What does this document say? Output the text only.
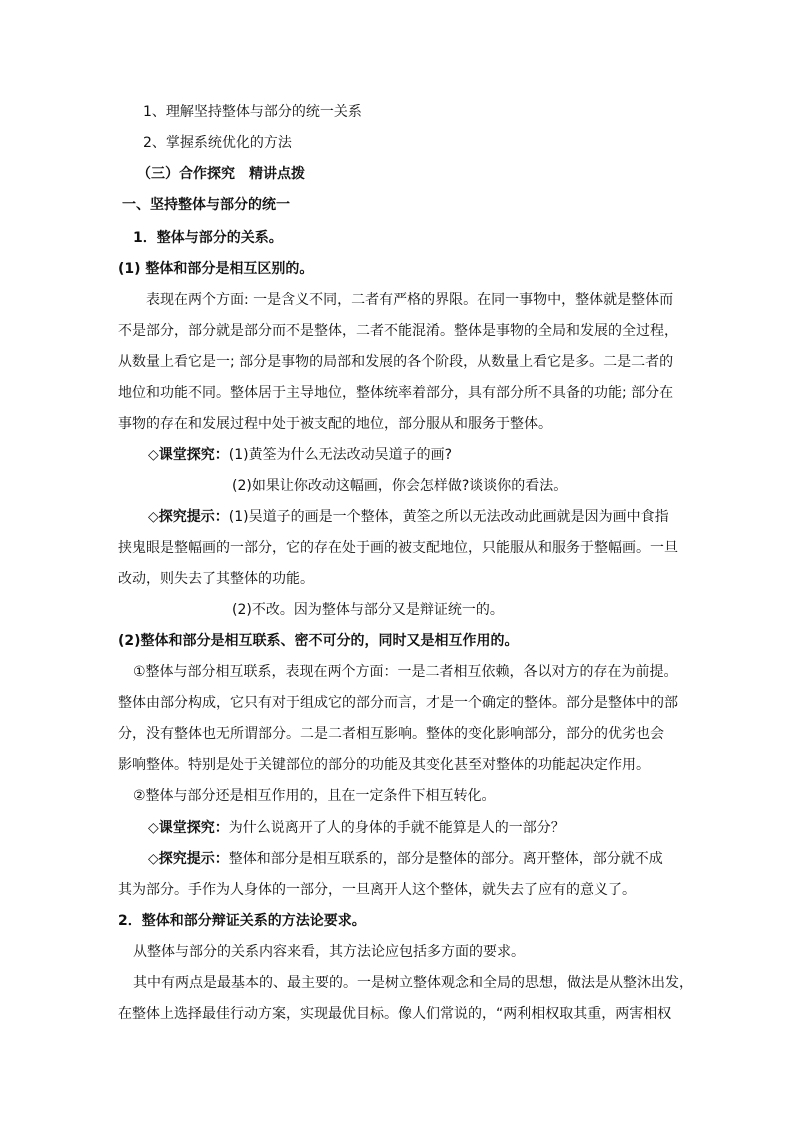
1、理解坚持整体与部分的统一关系
2、掌握系统优化的方法
（三）合作探究　精讲点拨
一、坚持整体与部分的统一
1．整体与部分的关系。
(1) 整体和部分是相互区别的。
表现在两个方面: 一是含义不同，二者有严格的界限。在同一事物中，整体就是整体而
不是部分，部分就是部分而不是整体，二者不能混淆。整体是事物的全局和发展的全过程，
从数量上看它是一; 部分是事物的局部和发展的各个阶段，从数量上看它是多。二是二者的
地位和功能不同。整体居于主导地位，整体统率着部分，具有部分所不具备的功能; 部分在
事物的存在和发展过程中处于被支配的地位，部分服从和服务于整体。
◇课堂探究：(1)黄筌为什么无法改动吴道子的画?
(2)如果让你改动这幅画，你会怎样做?谈谈你的看法。
◇探究提示：(1)吴道子的画是一个整体，黄筌之所以无法改动此画就是因为画中食指
挟鬼眼是整幅画的一部分，它的存在处于画的被支配地位，只能服从和服务于整幅画。一旦
改动，则失去了其整体的功能。
(2)不改。因为整体与部分又是辩证统一的。
(2)整体和部分是相互联系、密不可分的，同时又是相互作用的。
①整体与部分相互联系，表现在两个方面：一是二者相互依赖，各以对方的存在为前提。
整体由部分构成，它只有对于组成它的部分而言，才是一个确定的整体。部分是整体中的部
分，没有整体也无所谓部分。二是二者相互影响。整体的变化影响部分，部分的优劣也会
影响整体。特别是处于关键部位的部分的功能及其变化甚至对整体的功能起决定作用。
②整体与部分还是相互作用的，且在一定条件下相互转化。
◇课堂探究：为什么说离开了人的身体的手就不能算是人的一部分？
◇探究提示：整体和部分是相互联系的，部分是整体的部分。离开整体，部分就不成
其为部分。手作为人身体的一部分，一旦离开人这个整体，就失去了应有的意义了。
2．整体和部分辩证关系的方法论要求。
从整体与部分的关系内容来看，其方法论应包括多方面的要求。
其中有两点是最基本的、最主要的。一是树立整体观念和全局的思想，做法是从整沐出发，
在整体上选择最佳行动方案，实现最优目标。像人们常说的，“两利相权取其重，两害相权
